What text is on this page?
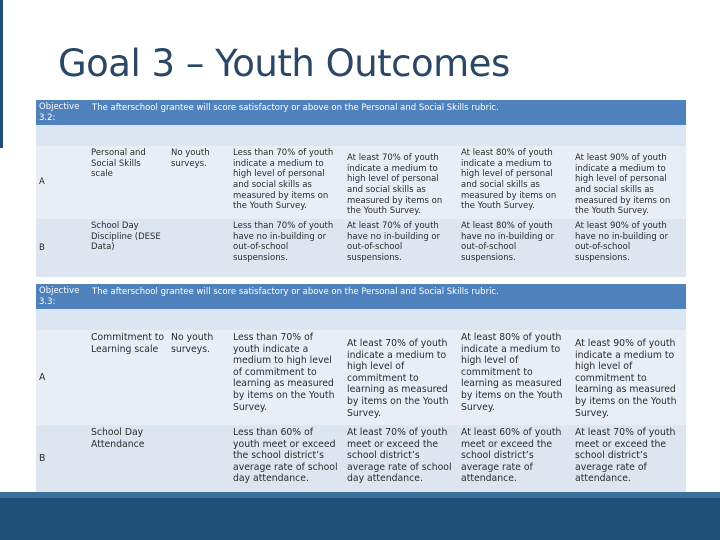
Goal 3 – Youth Outcomes
Objective 3.2:
The afterschool grantee will score satisfactory or above on the Personal and Social Skills rubric.
A
Personal and Social Skills scale
No youth surveys.
Less than 70% of youth indicate a medium to high level of personal and social skills as measured by items on the Youth Survey.
At least 70% of youth indicate a medium to high level of personal and social skills as measured by items on the Youth Survey.
At least 80% of youth indicate a medium to high level of personal and social skills as measured by items on the Youth Survey.
At least 90% of youth indicate a medium to high level of personal and social skills as measured by items on the Youth Survey.
B
School Day Discipline (DESE Data)
Less than 70% of youth have no in-building or out-of-school suspensions.
At least 70% of youth have no in-building or out-of-school suspensions.
At least 80% of youth have no in-building or out-of-school suspensions.
At least 90% of youth have no in-building or out-of-school suspensions.
Objective 3.3:
The afterschool grantee will score satisfactory or above on the Personal and Social Skills rubric.
A
Commitment to Learning scale
No youth surveys.
Less than 70% of youth indicate a medium to high level of commitment to learning as measured by items on the Youth Survey.
At least 70% of youth indicate a medium to high level of commitment to learning as measured by items on the Youth Survey.
At least 80% of youth indicate a medium to high level of commitment to learning as measured by items on the Youth Survey.
At least 90% of youth indicate a medium to high level of commitment to learning as measured by items on the Youth Survey.
B
School Day Attendance
Less than 60% of youth meet or exceed the school district’s average rate of school day attendance.
At least 70% of youth meet or exceed the school district’s average rate of school day attendance.
At least 60% of youth meet or exceed the school district’s average rate of attendance.
At least 70% of youth meet or exceed the school district’s average rate of attendance.
